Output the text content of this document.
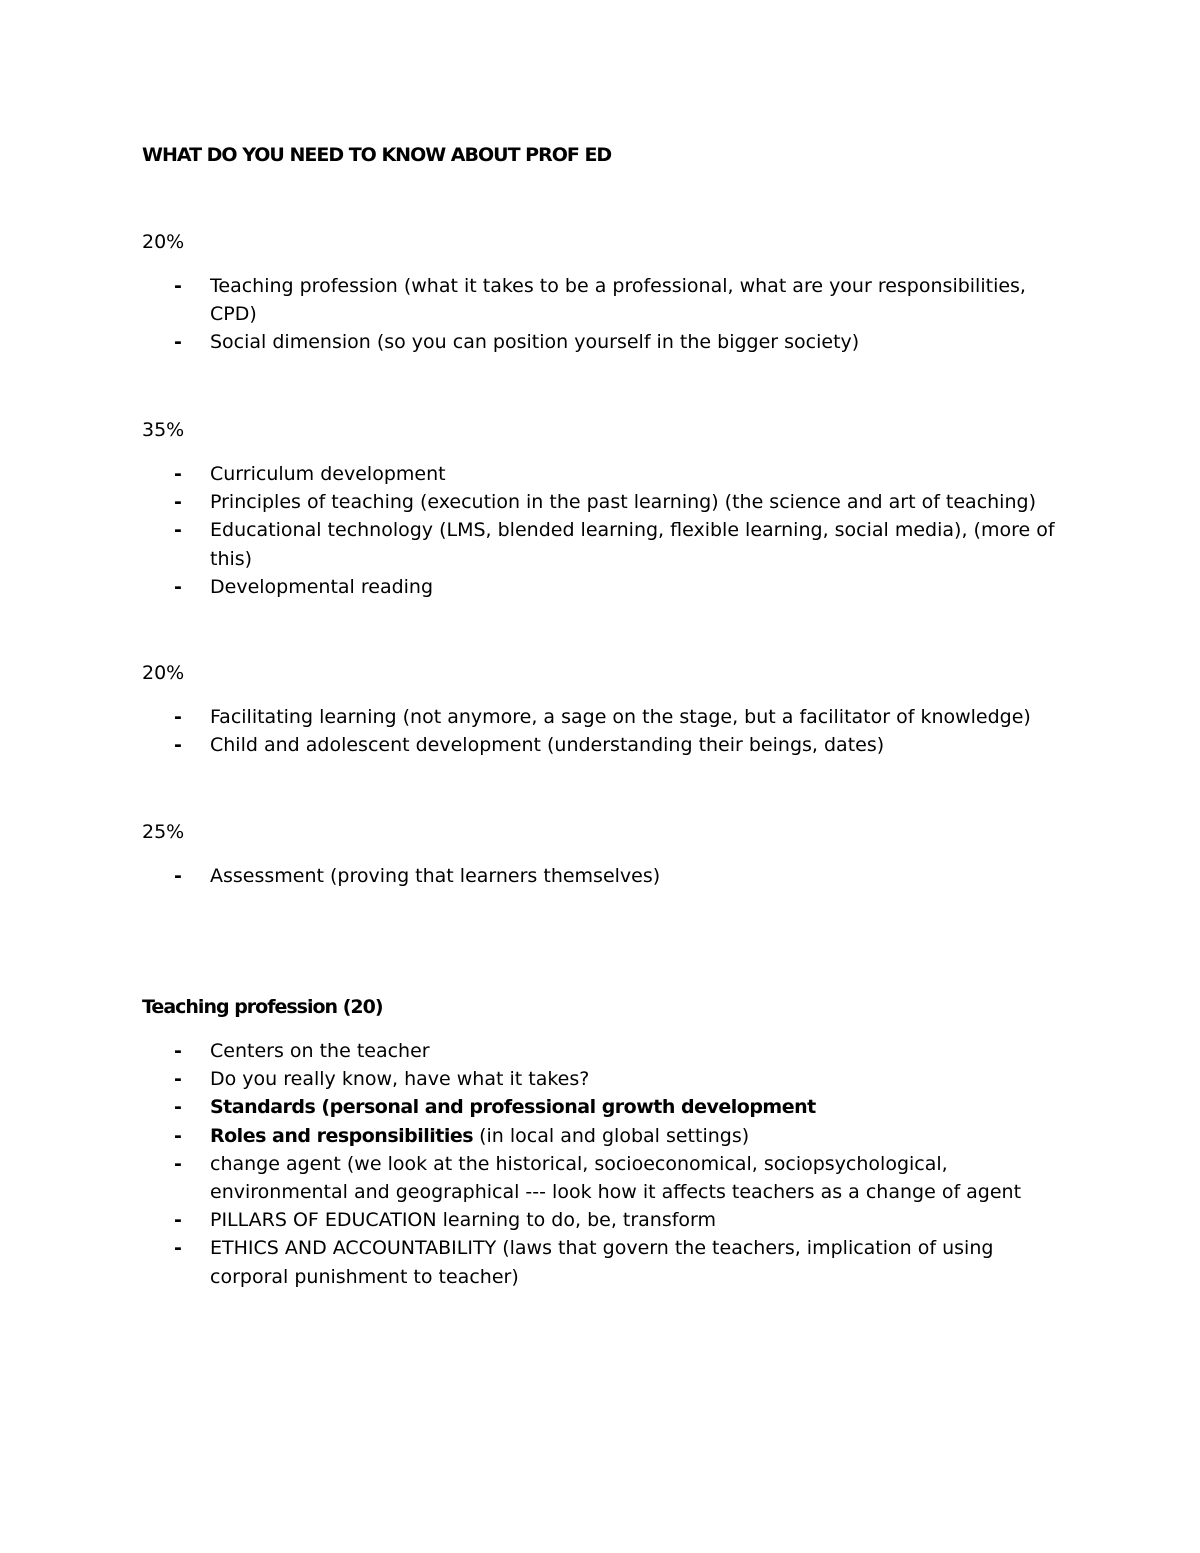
WHAT DO YOU NEED TO KNOW ABOUT PROF ED
20%
- Teaching profession (what it takes to be a professional, what are your responsibilities, CPD)
- Social dimension (so you can position yourself in the bigger society)
35%
- Curriculum development
- Principles of teaching (execution in the past learning) (the science and art of teaching)
- Educational technology (LMS, blended learning, flexible learning, social media), (more of this)
- Developmental reading
20%
- Facilitating learning (not anymore, a sage on the stage, but a facilitator of knowledge)
- Child and adolescent development (understanding their beings, dates)
25%
- Assessment (proving that learners themselves)
Teaching profession (20)
- Centers on the teacher
- Do you really know, have what it takes?
- Standards (personal and professional growth development
- Roles and responsibilities (in local and global settings)
- change agent (we look at the historical, socioeconomical, sociopsychological, environmental and geographical --- look how it affects teachers as a change of agent
- PILLARS OF EDUCATION learning to do, be, transform
- ETHICS AND ACCOUNTABILITY (laws that govern the teachers, implication of using corporal punishment to teacher)
